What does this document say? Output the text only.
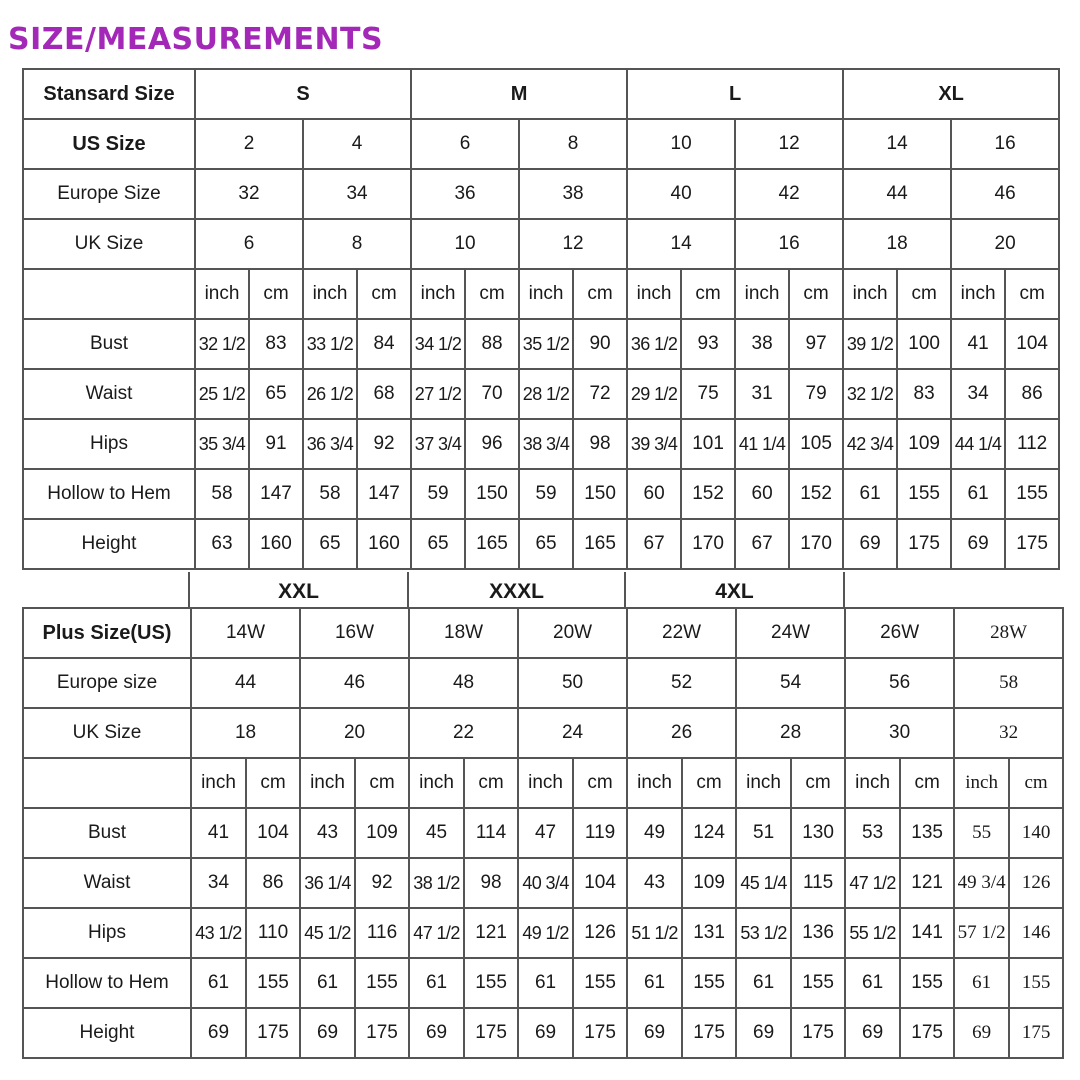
SIZE/MEASUREMENTS
Stansard Size	S				M				L				XL			
US Size	2		4		6		8		10		12		14		16	
Europe Size	32		34		36		38		40		42		44		46	
UK Size	6		8		10		12		14		16		18		20	
	inch	cm	inch	cm	inch	cm	inch	cm	inch	cm	inch	cm	inch	cm	inch	cm
Bust	32 1/2	83	33 1/2	84	34 1/2	88	35 1/2	90	36 1/2	93	38	97	39 1/2	100	41	104
Waist	25 1/2	65	26 1/2	68	27 1/2	70	28 1/2	72	29 1/2	75	31	79	32 1/2	83	34	86
Hips	35 3/4	91	36 3/4	92	37 3/4	96	38 3/4	98	39 3/4	101	41 1/4	105	42 3/4	109	44 1/4	112
Hollow to Hem	58	147	58	147	59	150	59	150	60	152	60	152	61	155	61	155
Height	63	160	65	160	65	165	65	165	67	170	67	170	69	175	69	175
XXL	XXXL	4XL
Plus Size(US)	14W		16W		18W		20W		22W		24W		26W		28W	
Europe size	44		46		48		50		52		54		56		58	
UK Size	18		20		22		24		26		28		30		32	
	inch	cm	inch	cm	inch	cm	inch	cm	inch	cm	inch	cm	inch	cm	inch	cm
Bust	41	104	43	109	45	114	47	119	49	124	51	130	53	135	55	140
Waist	34	86	36 1/4	92	38 1/2	98	40 3/4	104	43	109	45 1/4	115	47 1/2	121	49 3/4	126
Hips	43 1/2	110	45 1/2	116	47 1/2	121	49 1/2	126	51 1/2	131	53 1/2	136	55 1/2	141	57 1/2	146
Hollow to Hem	61	155	61	155	61	155	61	155	61	155	61	155	61	155	61	155
Height	69	175	69	175	69	175	69	175	69	175	69	175	69	175	69	175
